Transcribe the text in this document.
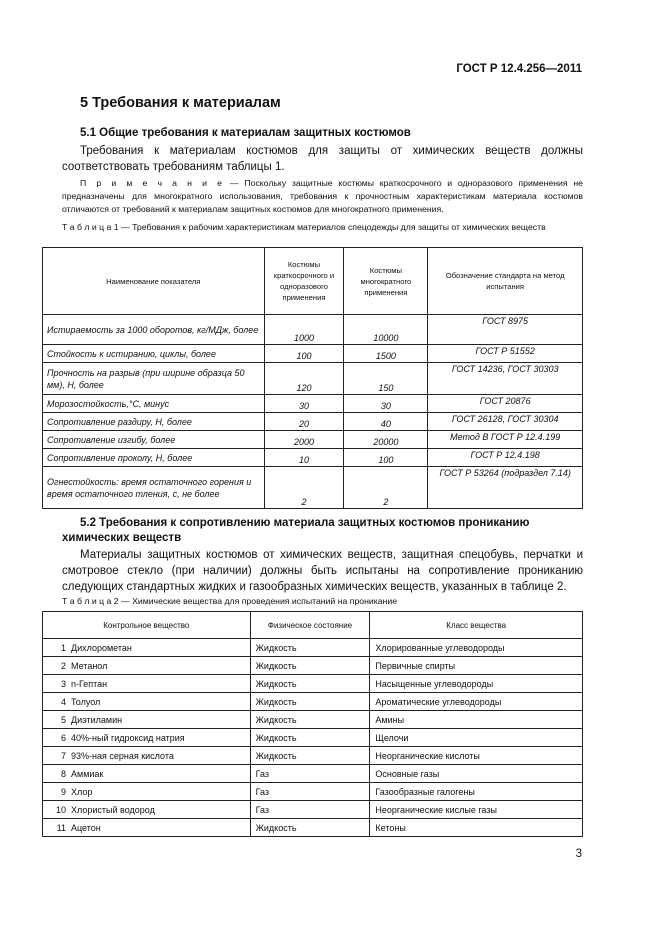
ГОСТ Р 12.4.256—2011
5 Требования к материалам
5.1 Общие требования к материалам защитных костюмов
Требования к материалам костюмов для защиты от химических веществ должны соответствовать требованиям таблицы 1.
П р и м е ч а н и е — Поскольку защитные костюмы краткосрочного и одноразового применения не предназначены для многократного использования, требования к прочностным характеристикам материала костюмов отличаются от требований к материалам защитных костюмов для многократного применения.
Т а б л и ц а 1 — Требования к рабочим характеристикам материалов спецодежды для защиты от химических веществ
Наименование показателя	Костюмы краткосрочного и одноразового применения	Костюмы многократного применения	Обозначение стандарта на метод испытания
Истираемость за 1000 оборотов, кг/МДж, более	1000	10000	ГОСТ 8975
Стойкость к истиранию, циклы, более	100	1500	ГОСТ Р 51552
Прочность на разрыв (при ширине образца 50 мм), Н, более	120	150	ГОСТ 14236, ГОСТ 30303
Морозостойкость,°С, минус	30	30	ГОСТ 20876
Сопротивление раздиру, Н, более	20	40	ГОСТ 26128, ГОСТ 30304
Сопротивление изгибу, более	2000	20000	Метод В ГОСТ Р 12.4.199
Сопротивление проколу, Н, более	10	100	ГОСТ Р 12.4.198
Огнестойкость: время остаточного горения и время остаточного тления, с, не более	2	2	ГОСТ Р 53264 (подраздел 7.14)
5.2 Требования к сопротивлению материала защитных костюмов прониканию химических веществ
Материалы защитных костюмов от химических веществ, защитная спецобувь, перчатки и смотровое стекло (при наличии) должны быть испытаны на сопротивление прониканию следующих стандартных жидких и газообразных химических веществ, указанных в таблице 2.
Т а б л и ц а 2 — Химические вещества для проведения испытаний на проникание
Контрольное вещество	Физическое состояние	Класс вещества
1 Дихлорометан	Жидкость	Хлорированные углеводороды
2 Метанол	Жидкость	Первичные спирты
3 n-Гептан	Жидкость	Насыщенные углеводороды
4 Толуол	Жидкость	Ароматические углеводороды
5 Диэтиламин	Жидкость	Амины
6 40%-ный гидроксид натрия	Жидкость	Щелочи
7 93%-ная серная кислота	Жидкость	Неорганические кислоты
8 Аммиак	Газ	Основные газы
9 Хлор	Газ	Газообразные галогены
10 Хлористый водород	Газ	Неорганические кислые газы
11 Ацетон	Жидкость	Кетоны
3
